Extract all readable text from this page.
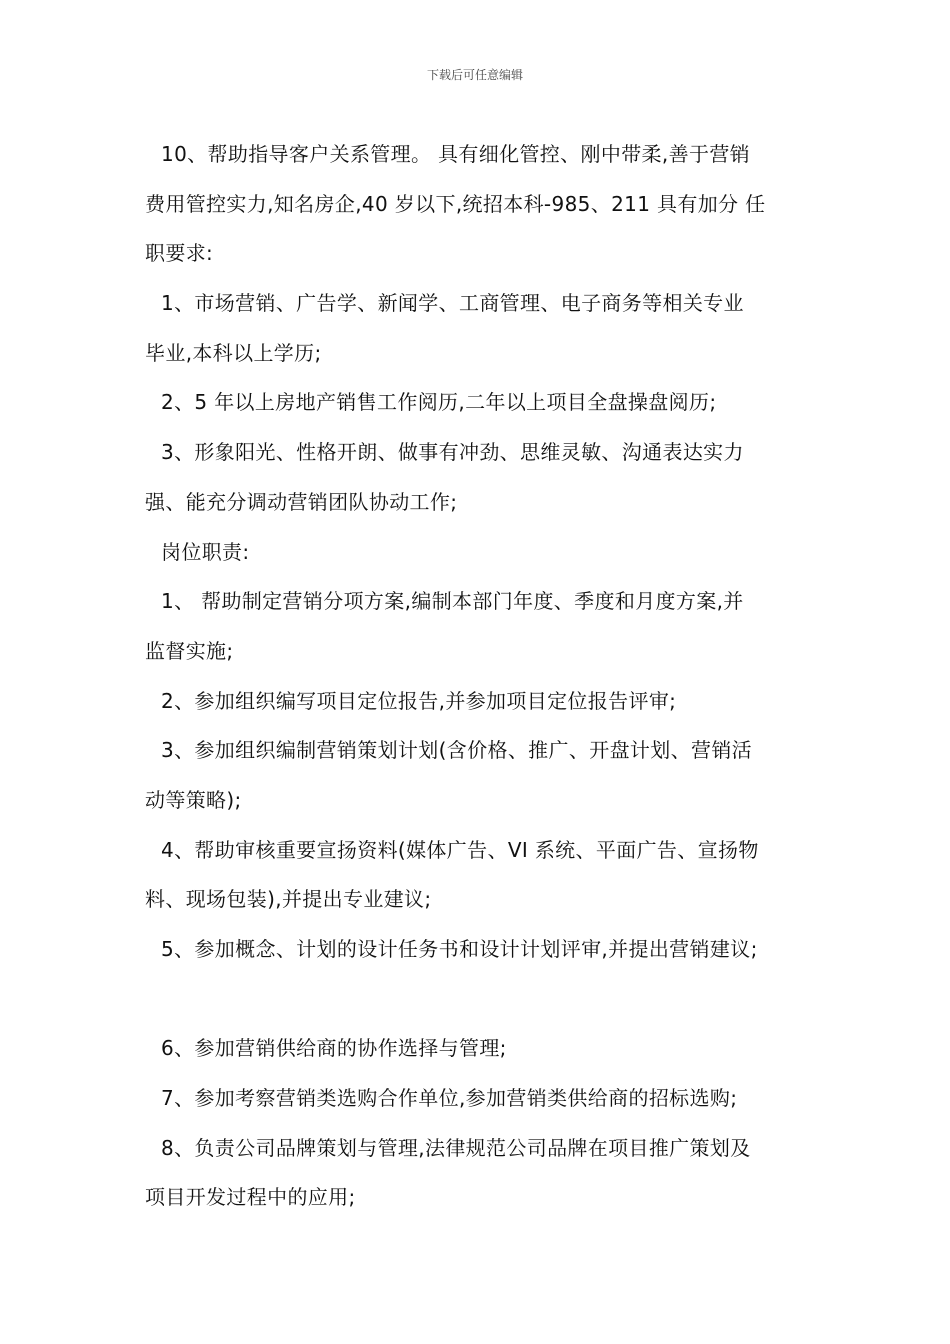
下载后可任意编辑
10、帮助指导客户关系管理。 具有细化管控、刚中带柔,善于营销
费用管控实力,知名房企,40 岁以下,统招本科-985、211 具有加分 任
职要求:
1、市场营销、广告学、新闻学、工商管理、电子商务等相关专业
毕业,本科以上学历;
2、5 年以上房地产销售工作阅历,二年以上项目全盘操盘阅历;
3、形象阳光、性格开朗、做事有冲劲、思维灵敏、沟通表达实力
强、能充分调动营销团队协动工作;
岗位职责:
1、 帮助制定营销分项方案,编制本部门年度、季度和月度方案,并
监督实施;
2、参加组织编写项目定位报告,并参加项目定位报告评审;
3、参加组织编制营销策划计划(含价格、推广、开盘计划、营销活
动等策略);
4、帮助审核重要宣扬资料(媒体广告、VI 系统、平面广告、宣扬物
料、现场包装),并提出专业建议;
5、参加概念、计划的设计任务书和设计计划评审,并提出营销建议;
6、参加营销供给商的协作选择与管理;
7、参加考察营销类选购合作单位,参加营销类供给商的招标选购;
8、负责公司品牌策划与管理,法律规范公司品牌在项目推广策划及
项目开发过程中的应用;
